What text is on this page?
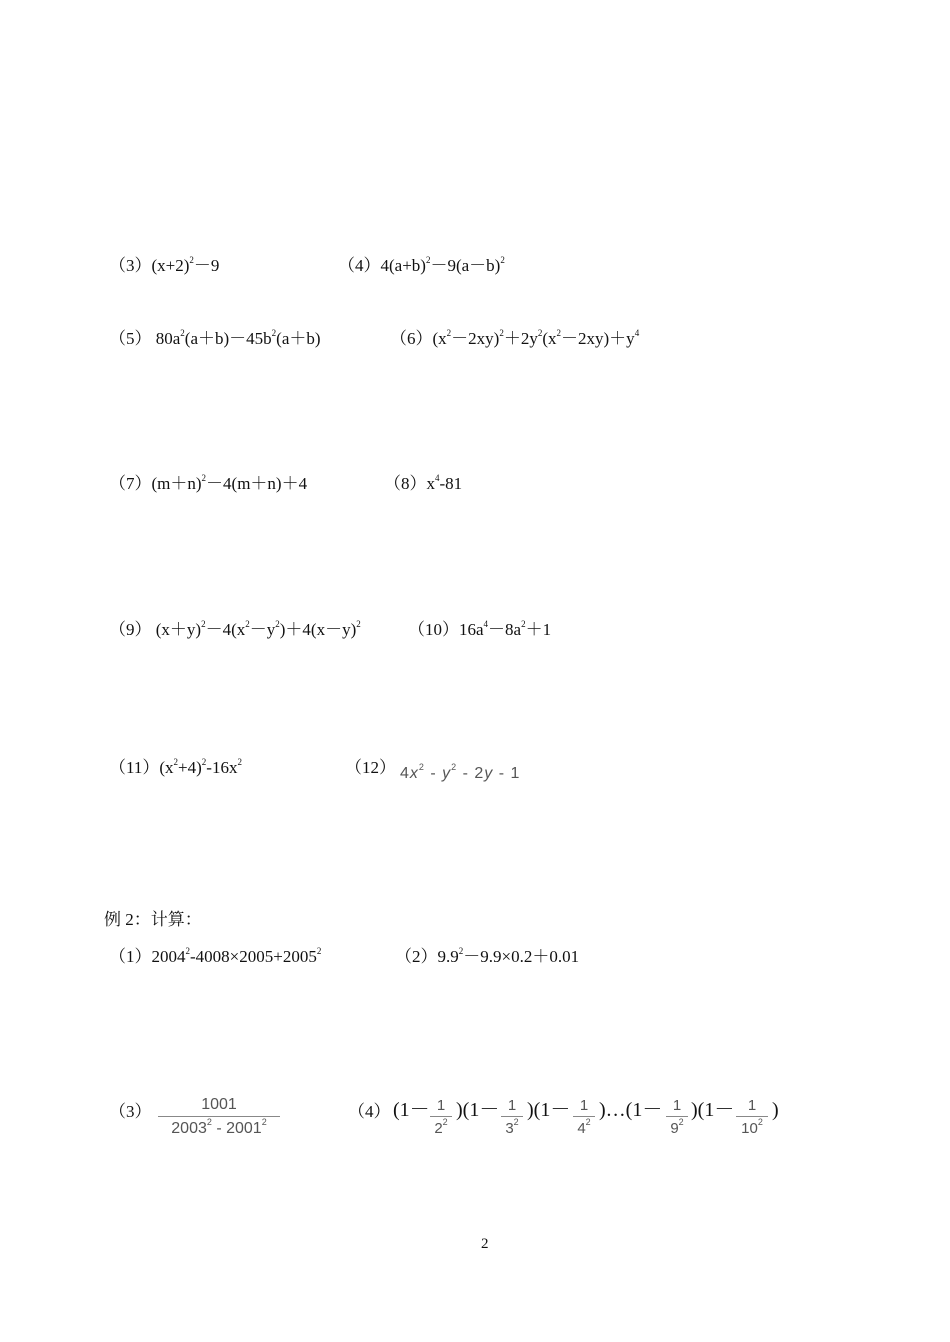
$(3)(x+2)^2-9$	$(4)4(a+b)^2-9(a-b)^2$
（5） $80a^2(a+b)-45b^2(a+b)$	$(6)(x^2-2xy)^2+2y^2(x^2-2xy)+y^4$
$(7)(m+n)^2-4(m+n)+4$	$(8)x^4-81$
（9） $(x+y)^2-4(x^2-y^2)+4(x-y)^2$	$(10)16a^4-8a^2+1$
$(11)(x^2+4)^2-16x^2$	（12） $4x^2 - y^2 - 2y - 1$
例 2：计算：
$(1)2004^2-4008\times 2005+2005^2$	$(2)9.9^2-9.9\times 0.2+0.01$
（3）	1001
2003$^2$ - 2001$^2$
（4） (1－ 1
$2^2$
)(1－ 1
$3^2$
)(1－ 1
$4^2$
)…(1－ 1
$9^2$
)(1－ 1
$10^2$
)
2
